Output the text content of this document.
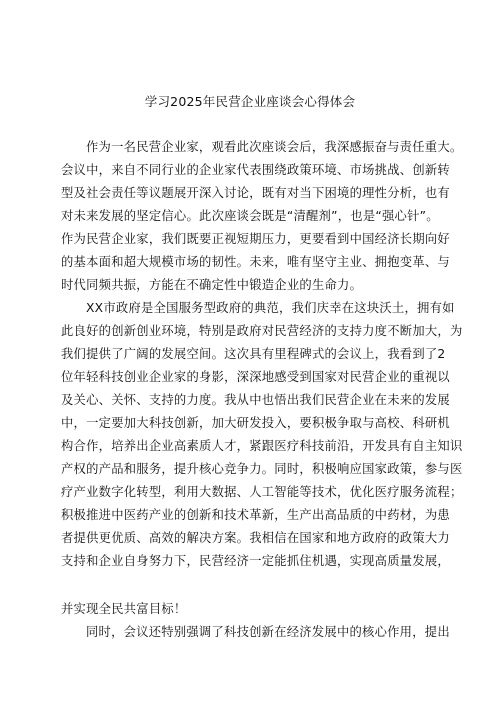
学习2025年民营企业座谈会心得体会
作为一名民营企业家，观看此次座谈会后，我深感振奋与责任重大。
会议中，来自不同行业的企业家代表围绕政策环境、市场挑战、创新转
型及社会责任等议题展开深入讨论，既有对当下困境的理性分析，也有
对未来发展的坚定信心。此次座谈会既是“清醒剂”，也是“强心针”。
作为民营企业家，我们既要正视短期压力，更要看到中国经济长期向好
的基本面和超大规模市场的韧性。未来，唯有坚守主业、拥抱变革、与
时代同频共振，方能在不确定性中锻造企业的生命力。
XX市政府是全国服务型政府的典范，我们庆幸在这块沃土，拥有如
此良好的创新创业环境，特别是政府对民营经济的支持力度不断加大，为
我们提供了广阔的发展空间。这次具有里程碑式的会议上，我看到了2
位年轻科技创业企业家的身影，深深地感受到国家对民营企业的重视以
及关心、关怀、支持的力度。我从中也悟出我们民营企业在未来的发展
中，一定要加大科技创新，加大研发投入，要积极争取与高校、科研机
构合作，培养出企业高素质人才，紧跟医疗科技前沿，开发具有自主知识
产权的产品和服务，提升核心竞争力。同时，积极响应国家政策，参与医
疗产业数字化转型，利用大数据、人工智能等技术，优化医疗服务流程；
积极推进中医药产业的创新和技术革新，生产出高品质的中药材，为患
者提供更优质、高效的解决方案。我相信在国家和地方政府的政策大力
支持和企业自身努力下，民营经济一定能抓住机遇，实现高质量发展，
并实现全民共富目标！
同时，会议还特别强调了科技创新在经济发展中的核心作用，提出
